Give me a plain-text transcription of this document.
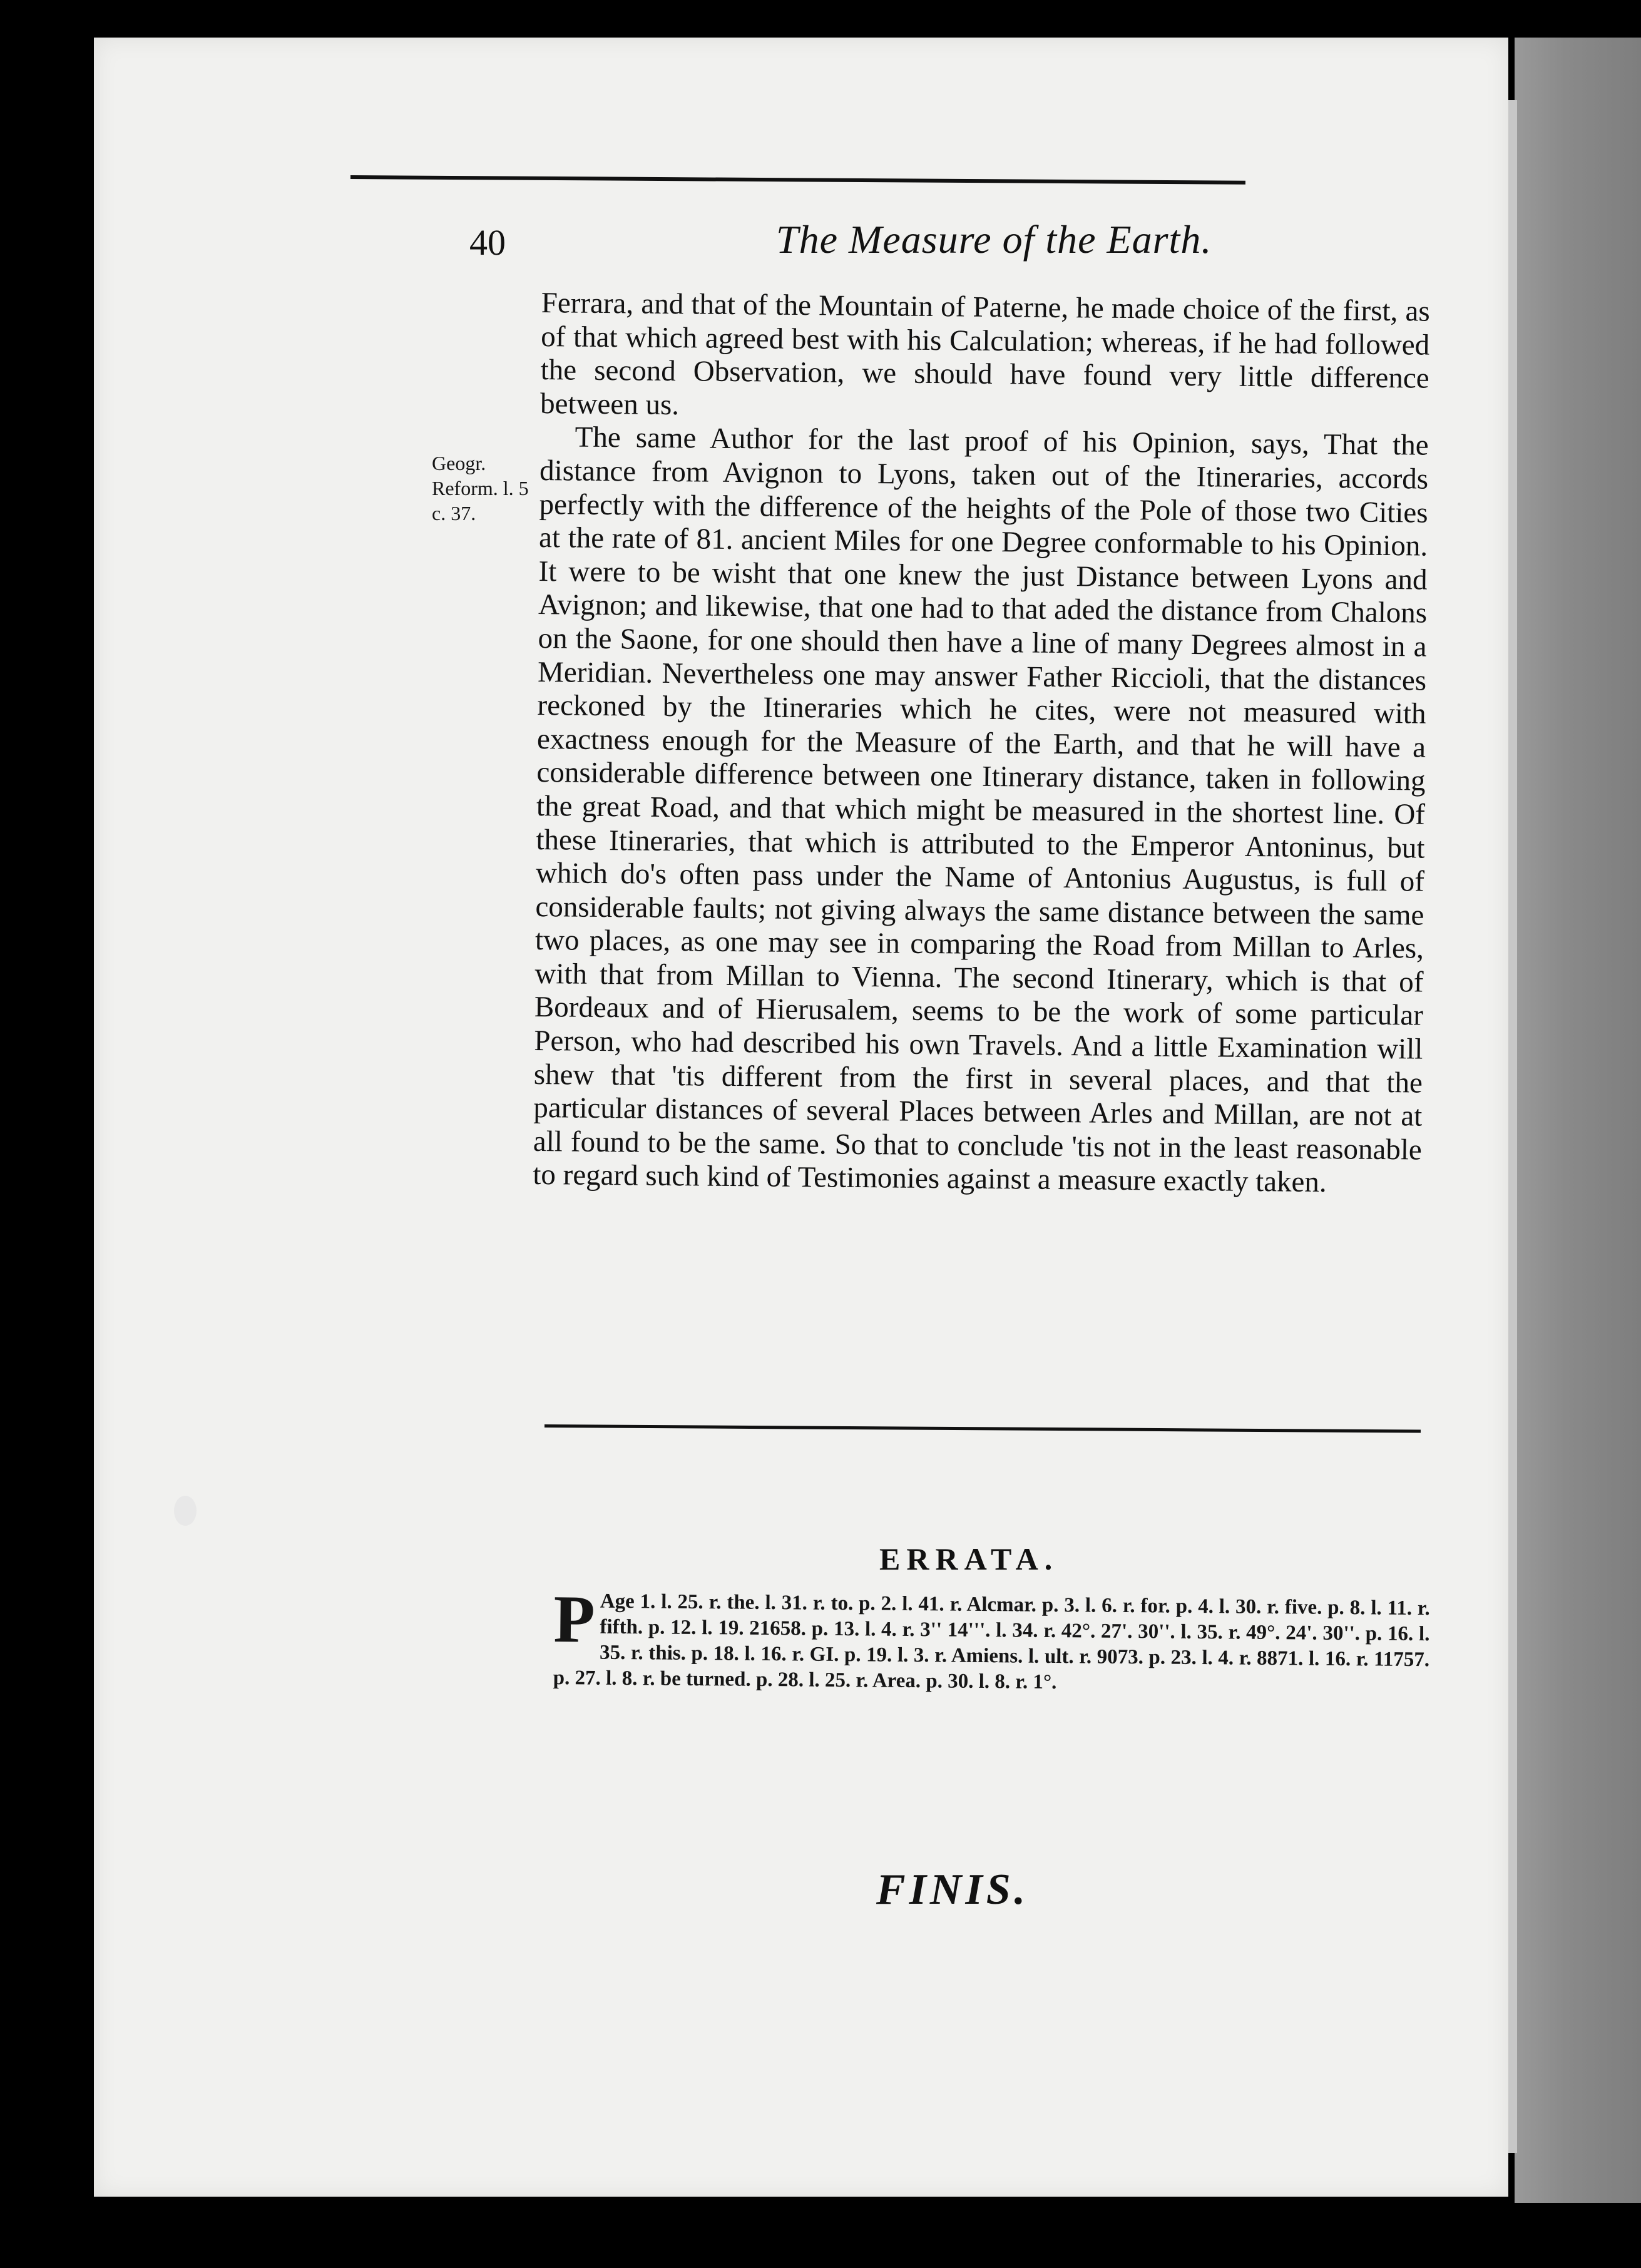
40	The Measure of the Earth.
Geogr. Reform. l. 5 c. 37.

Ferrara, and that of the Mountain of Paterne, he made choice of the first, as of that which agreed best with his Calculation; whereas, if he had followed the second Observation, we should have found very little difference between us.

The same Author for the last proof of his Opinion, says, That the distance from Avignon to Lyons, taken out of the Itineraries, accords perfectly with the difference of the heights of the Pole of those two Cities at the rate of 81. ancient Miles for one Degree conformable to his Opinion. It were to be wisht that one knew the just Distance between Lyons and Avignon; and likewise, that one had to that aded the distance from Chalons on the Saone, for one should then have a line of many Degrees almost in a Meridian. Nevertheless one may answer Father Riccioli, that the distances reckoned by the Itineraries which he cites, were not measured with exactness enough for the Measure of the Earth, and that he will have a considerable difference between one Itinerary distance, taken in following the great Road, and that which might be measured in the shortest line. Of these Itineraries, that which is attributed to the Emperor Antoninus, but which do's often pass under the Name of Antonius Augustus, is full of considerable faults; not giving always the same distance between the same two places, as one may see in comparing the Road from Millan to Arles, with that from Millan to Vienna. The second Itinerary, which is that of Bordeaux and of Hierusalem, seems to be the work of some particular Person, who had described his own Travels. And a little Examination will shew that 'tis different from the first in several places, and that the particular distances of several Places between Arles and Millan, are not at all found to be the same. So that to conclude 'tis not in the least reasonable to regard such kind of Testimonies against a measure exactly taken.

ERRATA.
P Age 1. l. 25. r. the. l. 31. r. to. p. 2. l. 41. r. Alcmar. p. 3. l. 6. r. for. p. 4. l. 30. r. five. p. 8. l. 11. r. fifth. p. 12. l. 19. 21658. p. 13. l. 4. r. 3'' 14'''. l. 34. r. 42°. 27'. 30''. l. 35. r. 49°. 24'. 30''. p. 16. l. 35. r. this. p. 18. l. 16. r. GI. p. 19. l. 3. r. Amiens. l. ult. r. 9073. p. 23. l. 4. r. 8871. l. 16. r. 11757. p. 27. l. 8. r. be turned. p. 28. l. 25. r. Area. p. 30. l. 8. r. 1°.
FINIS.
